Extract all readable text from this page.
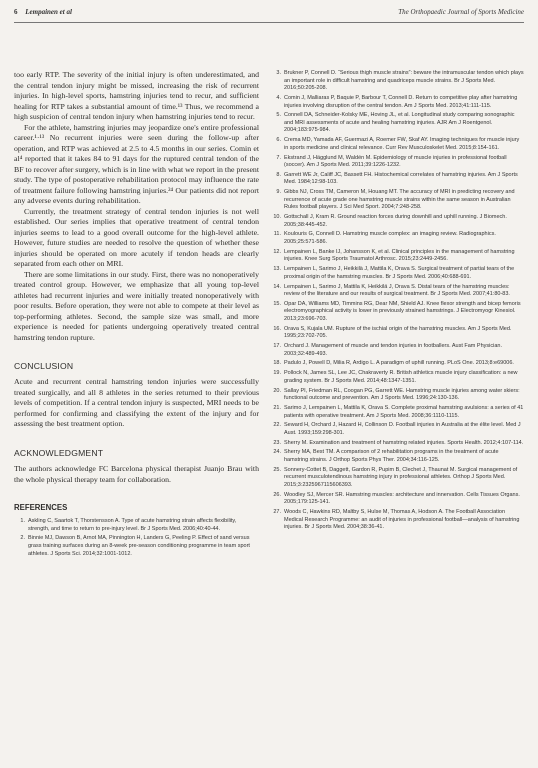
6 Lempainen et al	The Orthopaedic Journal of Sports Medicine

too early RTP. The severity of the initial injury is often underestimated, and the central tendon injury might be missed, increasing the risk of recurrent injuries. In high-level sports, hamstring injuries tend to recur, and sufficient healing for RTP takes a substantial amount of time.¹³ Thus, we recommend a high suspicion of central tendon injury when hamstring injuries tend to recur.

For the athlete, hamstring injuries may jeopardize one's entire professional career.¹·¹³ No recurrent injuries were seen during the follow-up after operation, and RTP was achieved at 2.5 to 4.5 months in our series. Comin et al⁴ reported that it takes 84 to 91 days for the ruptured central tendon of the BF to recover after surgery, which is in line with what we report in the present study. The type of postoperative rehabilitation protocol may influence the rate of treatment failure following hamstring injuries.²⁴ Our patients did not report any adverse events during rehabilitation.

Currently, the treatment strategy of central tendon injuries is not well established. Our series implies that operative treatment of central tendon injuries seems to lead to a good overall outcome for the high-level athlete. However, future studies are needed to resolve the question of whether these injuries should be operated on more acutely if tendon heads are clearly separated from each other on MRI.

There are some limitations in our study. First, there was no nonoperatively treated control group. However, we emphasize that all young top-level athletes had recurrent injuries and were initially treated nonoperatively with poor results. Before operation, they were not able to compete at their level as top-performing athletes. Second, the sample size was small, and more experience is needed for patients undergoing operatively treated central hamstring tendon rupture.

CONCLUSION

Acute and recurrent central hamstring tendon injuries were successfully treated surgically, and all 8 athletes in the series returned to their previous levels of competition. If a central tendon injury is suspected, MRI needs to be performed for confirming and classifying the extent of the injury and for assessing the best treatment option.

ACKNOWLEDGMENT

The authors acknowledge FC Barcelona physical therapist Juanjo Brau with the whole physical therapy team for collaboration.

REFERENCES
1. Askling C, Saartok T, Thorstensson A. Type of acute hamstring strain affects flexibility, strength, and time to return to pre-injury level. Br J Sports Med. 2006;40:40-44.
2. Binnie MJ, Dawson B, Arnot MA, Pinnington H, Landers G, Peeling P. Effect of sand versus grass training surfaces during an 8-week pre-season conditioning programme in team sport athletes. J Sports Sci. 2014;32:1001-1012.
3. Brukner P, Connell D. “Serious thigh muscle strains”: beware the intramuscular tendon which plays an important role in difficult hamstring and quadriceps muscle strains. Br J Sports Med. 2016;50:205-208.
4. Comin J, Malliaras P, Baquie P, Barbour T, Connell D. Return to competitive play after hamstring injuries involving disruption of the central tendon. Am J Sports Med. 2013;41:111-115.
5. Connell DA, Schneider-Kolsky ME, Hoving JL, et al. Longitudinal study comparing sonographic and MRI assessments of acute and healing hamstring injuries. AJR Am J Roentgenol. 2004;183:975-984.
6. Crema MD, Yamada AF, Guermazi A, Roemer FW, Skaf AY. Imaging techniques for muscle injury in sports medicine and clinical relevance. Curr Rev Musculoskelet Med. 2015;8:154-161.
7. Ekstrand J, Hägglund M, Waldén M. Epidemiology of muscle injuries in professional football (soccer). Am J Sports Med. 2011;39:1226-1232.
8. Garrett WE Jr, Califf JC, Bassett FH. Histochemical correlates of hamstring injuries. Am J Sports Med. 1984;12:98-103.
9. Gibbs NJ, Cross TM, Cameron M, Houang MT. The accuracy of MRI in predicting recovery and recurrence of acute grade one hamstring muscle strains within the same season in Australian Rules football players. J Sci Med Sport. 2004;7:248-258.
10. Gottschall J, Kram R. Ground reaction forces during downhill and uphill running. J Biomech. 2005;38:445-452.
11. Koulouris G, Connell D. Hamstring muscle complex: an imaging review. Radiographics. 2005;25:571-586.
12. Lempainen L, Banke IJ, Johansson K, et al. Clinical principles in the management of hamstring injuries. Knee Surg Sports Traumatol Arthrosc. 2015;23:2449-2456.
13. Lempainen L, Sarimo J, Heikkilä J, Mattila K, Orava S. Surgical treatment of partial tears of the proximal origin of the hamstring muscles. Br J Sports Med. 2006;40:688-691.
14. Lempainen L, Sarimo J, Mattila K, Heikkilä J, Orava S. Distal tears of the hamstring muscles: review of the literature and our results of surgical treatment. Br J Sports Med. 2007;41:80-83.
15. Opar DA, Williams MD, Timmins RG, Dear NM, Shield AJ. Knee flexor strength and bicep femoris electromyographical activity is lower in previously strained hamstrings. J Electromyogr Kinesiol. 2013;23:696-703.
16. Orava S, Kujala UM. Rupture of the ischial origin of the hamstring muscles. Am J Sports Med. 1995;23:702-705.
17. Orchard J. Management of muscle and tendon injuries in footballers. Aust Fam Physician. 2003;32:489-493.
18. Padulo J, Powell D, Milia R, Ardigo L. A paradigm of uphill running. PLoS One. 2013;8:e69006.
19. Pollock N, James SL, Lee JC, Chakraverty R. British athletics muscle injury classification: a new grading system. Br J Sports Med. 2014;48:1347-1351.
20. Sallay PI, Friedman RL, Coogan PG, Garrett WE. Hamstring muscle injuries among water skiers: functional outcome and prevention. Am J Sports Med. 1996;24:130-136.
21. Sarimo J, Lempainen L, Mattila K, Orava S. Complete proximal hamstring avulsions: a series of 41 patients with operative treatment. Am J Sports Med. 2008;36:1110-1115.
22. Seward H, Orchard J, Hazard H, Collinson D. Football injuries in Australia at the élite level. Med J Aust. 1993;159:298-301.
23. Sherry M. Examination and treatment of hamstring related injuries. Sports Health. 2012;4:107-114.
24. Sherry MA, Best TM. A comparison of 2 rehabilitation programs in the treatment of acute hamstring strains. J Orthop Sports Phys Ther. 2004;34:116-125.
25. Sonnery-Cottet B, Daggett, Gardon R, Pupim B, Clechet J, Thaunat M. Surgical management of recurrent musculotendinous hamstring injury in professional athletes. Orthop J Sports Med. 2015;3:2325967115606393.
26. Woodley SJ, Mercer SR. Hamstring muscles: architecture and innervation. Cells Tissues Organs. 2005;179:125-141.
27. Woods C, Hawkins RD, Maltby S, Hulse M, Thomas A, Hodson A. The Football Association Medical Research Programme: an audit of injuries in professional football—analysis of hamstring injuries. Br J Sports Med. 2004;38:36-41.
